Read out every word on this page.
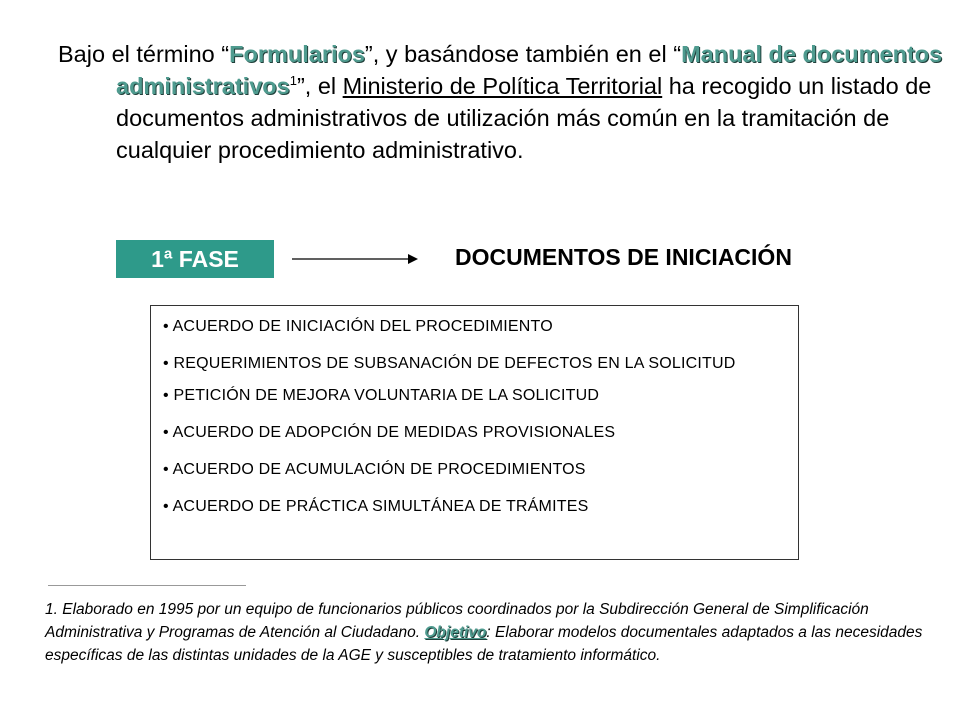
Bajo el término “Formularios”, y basándose también en el “Manual de documentos administrativos$^1$”, el Ministerio de Política Territorial ha recogido un listado de documentos administrativos de utilización más común en la tramitación de cualquier procedimiento administrativo.
1ª FASE	DOCUMENTOS DE INICIACIÓN
• ACUERDO DE INICIACIÓN DEL PROCEDIMIENTO
• REQUERIMIENTOS DE SUBSANACIÓN DE DEFECTOS EN LA SOLICITUD
• PETICIÓN DE MEJORA VOLUNTARIA DE LA SOLICITUD
• ACUERDO DE ADOPCIÓN DE MEDIDAS PROVISIONALES
• ACUERDO DE ACUMULACIÓN DE PROCEDIMIENTOS
• ACUERDO DE PRÁCTICA SIMULTÁNEA DE TRÁMITES
1. Elaborado en 1995 por un equipo de funcionarios públicos coordinados por la Subdirección General de Simplificación Administrativa y Programas de Atención al Ciudadano. Objetivo: Elaborar modelos documentales adaptados a las necesidades específicas de las distintas unidades de la AGE y susceptibles de tratamiento informático.
